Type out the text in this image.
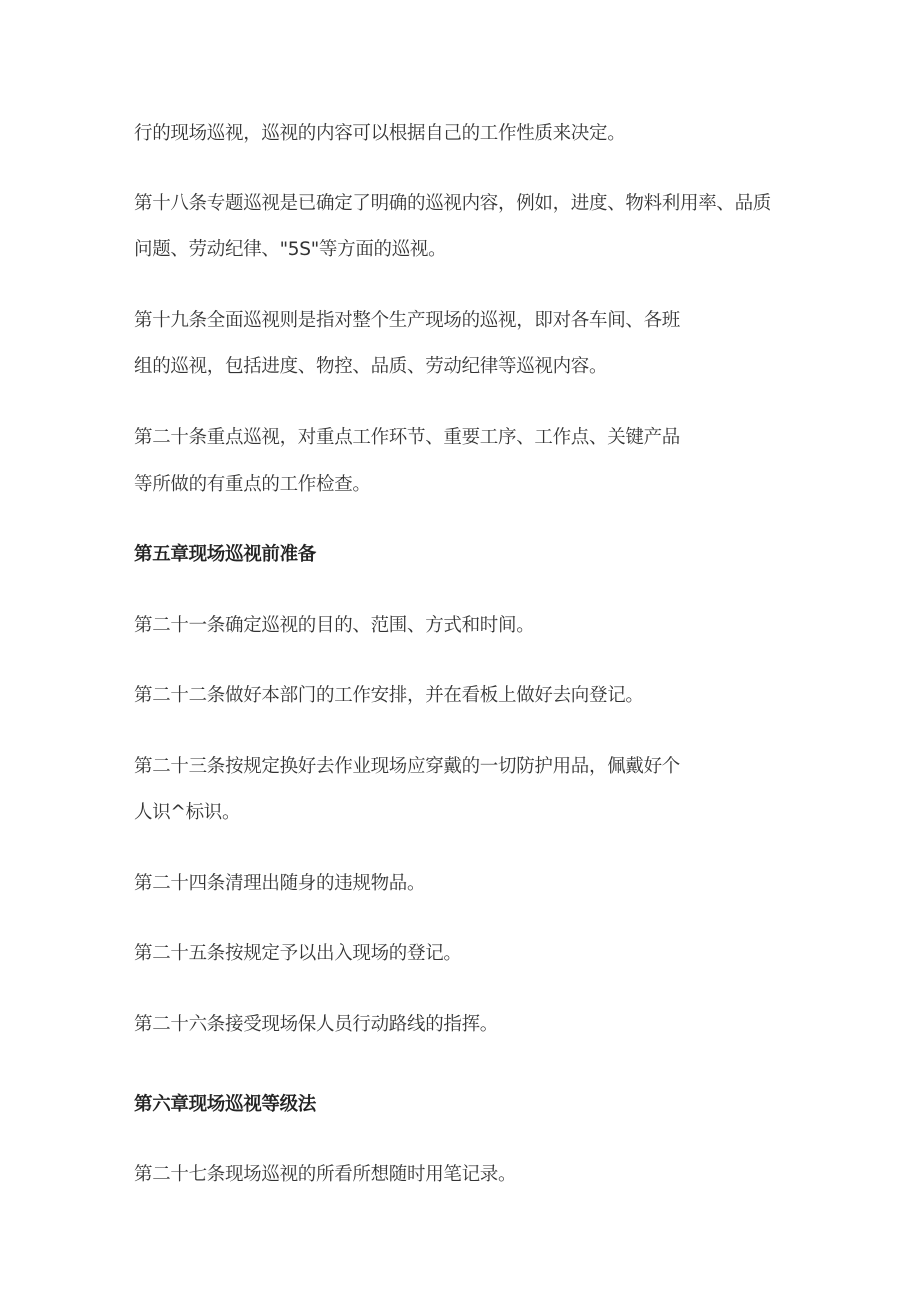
行的现场巡视，巡视的内容可以根据自己的工作性质来决定。
第十八条专题巡视是已确定了明确的巡视内容，例如，进度、物料利用率、品质
问题、劳动纪律、"5S"等方面的巡视。
第十九条全面巡视则是指对整个生产现场的巡视，即对各车间、各班
组的巡视，包括进度、物控、品质、劳动纪律等巡视内容。
第二十条重点巡视，对重点工作环节、重要工序、工作点、关键产品
等所做的有重点的工作检查。
第五章现场巡视前准备
第二十一条确定巡视的目的、范围、方式和时间。
第二十二条做好本部门的工作安排，并在看板上做好去向登记。
第二十三条按规定换好去作业现场应穿戴的一切防护用品，佩戴好个
人识^标识。
第二十四条清理出随身的违规物品。
第二十五条按规定予以出入现场的登记。
第二十六条接受现场保人员行动路线的指挥。
第六章现场巡视等级法
第二十七条现场巡视的所看所想随时用笔记录。
